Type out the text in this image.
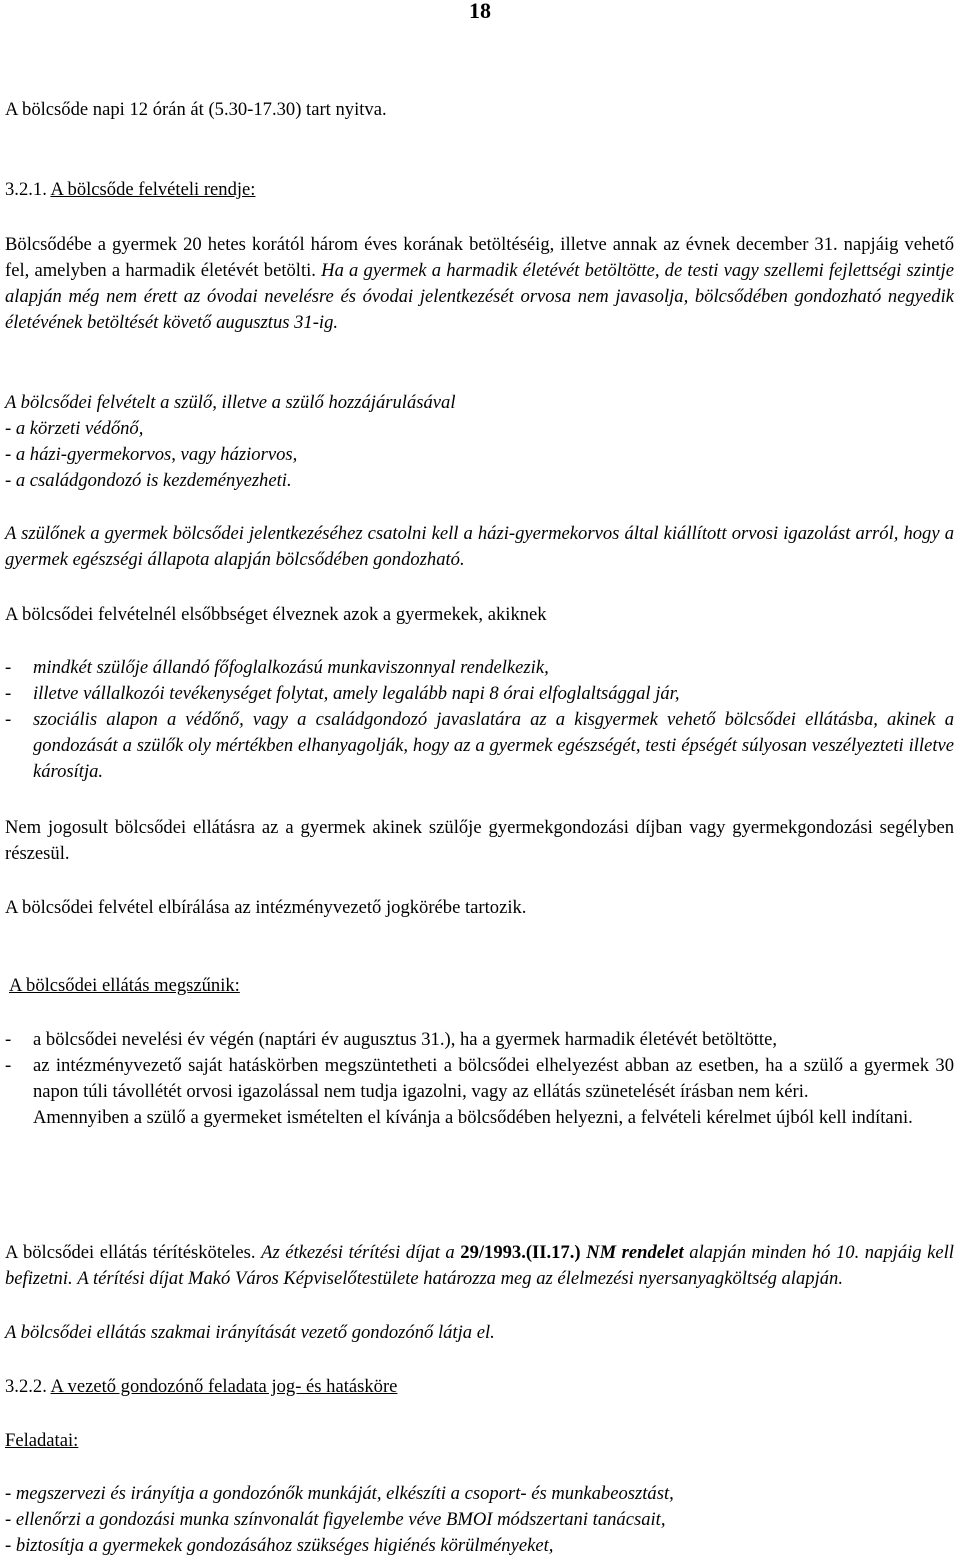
18

A bölcsőde napi 12 órán át (5.30-17.30) tart nyitva.

3.2.1. A bölcsőde felvételi rendje:

Bölcsődébe a gyermek 20 hetes korától három éves korának betöltéséig, illetve annak az évnek december 31. napjáig vehető fel, amelyben a harmadik életévét betölti. Ha a gyermek a harmadik életévét betöltötte, de testi vagy szellemi fejlettségi szintje alapján még nem érett az óvodai nevelésre és óvodai jelentkezését orvosa nem javasolja, bölcsődében gondozható negyedik életévének betöltését követő augusztus 31-ig.

A bölcsődei felvételt a szülő, illetve a szülő hozzájárulásával
- a körzeti védőnő,
- a házi-gyermekorvos, vagy háziorvos,
- a családgondozó is kezdeményezheti.

A szülőnek a gyermek bölcsődei jelentkezéséhez csatolni kell a házi-gyermekorvos által kiállított orvosi igazolást arról, hogy a gyermek egészségi állapota alapján bölcsődében gondozható.

A bölcsődei felvételnél elsőbbséget élveznek azok a gyermekek, akiknek

- mindkét szülője állandó főfoglalkozású munkaviszonnyal rendelkezik,
- illetve vállalkozói tevékenységet folytat, amely legalább napi 8 órai elfoglaltsággal jár,
- szociális alapon a védőnő, vagy a családgondozó javaslatára az a kisgyermek vehető bölcsődei ellátásba, akinek a gondozását a szülők oly mértékben elhanyagolják, hogy az a gyermek egészségét, testi épségét súlyosan veszélyezteti illetve károsítja.

Nem jogosult bölcsődei ellátásra az a gyermek akinek szülője gyermekgondozási díjban vagy gyermekgondozási segélyben részesül.

A bölcsődei felvétel elbírálása az intézményvezető jogkörébe tartozik.

A bölcsődei ellátás megszűnik:

- a bölcsődei nevelési év végén (naptári év augusztus 31.), ha a gyermek harmadik életévét betöltötte,
- az intézményvezető saját hatáskörben megszüntetheti a bölcsődei elhelyezést abban az esetben, ha a szülő a gyermek 30 napon túli távollétét orvosi igazolással nem tudja igazolni, vagy az ellátás szünetelését írásban nem kéri.
Amennyiben a szülő a gyermeket ismételten el kívánja a bölcsődében helyezni, a felvételi kérelmet újból kell indítani.

A bölcsődei ellátás térítésköteles. Az étkezési térítési díjat a 29/1993.(II.17.) NM rendelet alapján minden hó 10. napjáig kell befizetni. A térítési díjat Makó Város Képviselőtestülete határozza meg az élelmezési nyersanyagköltség alapján.

A bölcsődei ellátás szakmai irányítását vezető gondozónő látja el.

3.2.2. A vezető gondozónő feladata jog- és hatásköre

Feladatai:

- megszervezi és irányítja a gondozónők munkáját, elkészíti a csoport- és munkabeosztást,
- ellenőrzi a gondozási munka színvonalát figyelembe véve BMOI módszertani tanácsait,
- biztosítja a gyermekek gondozásához szükséges higiénés körülményeket,
